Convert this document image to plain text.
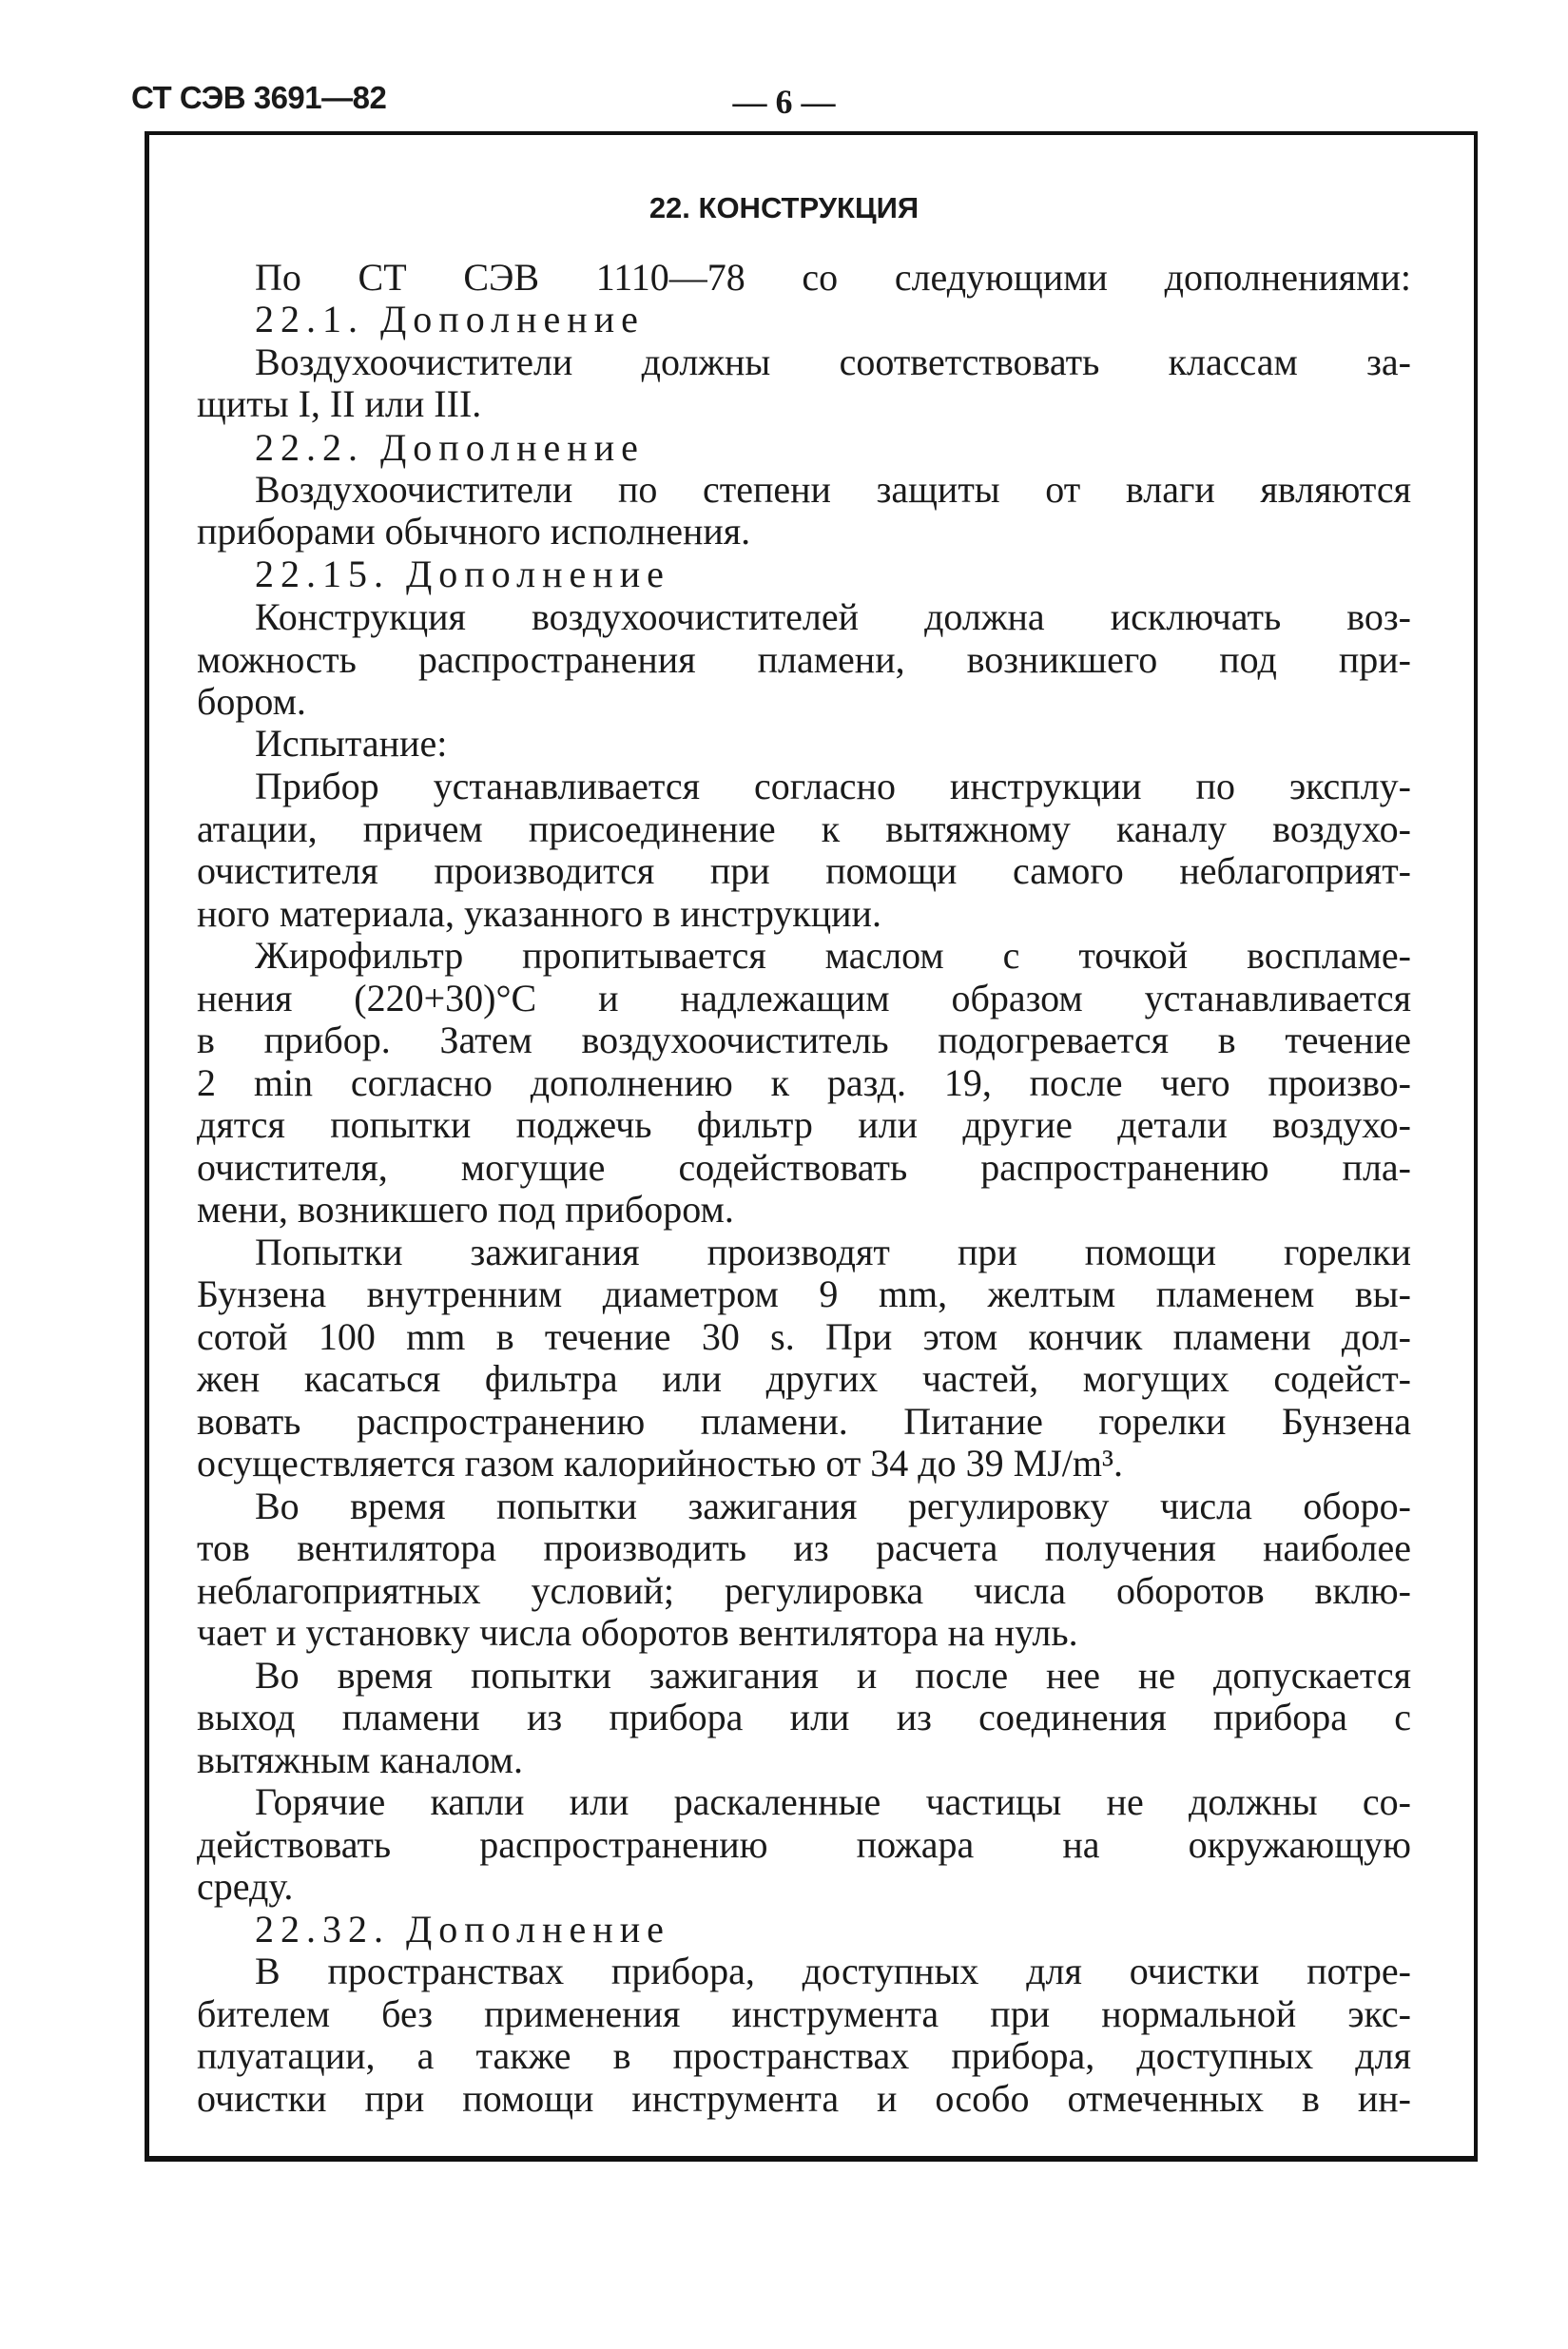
СТ СЭВ 3691—82	— 6 —
22. КОНСТРУКЦИЯ
По СТ СЭВ 1110—78 со следующими дополнениями:
22.1. Дополнение
Воздухоочистители должны соответствовать классам за-
щиты I, II или III.
22.2. Дополнение
Воздухоочистители по степени защиты от влаги являются
приборами обычного исполнения.
22.15. Дополнение
Конструкция воздухоочистителей должна исключать воз-
можность распространения пламени, возникшего под при-
бором.
Испытание:
Прибор устанавливается согласно инструкции по эксплу-
атации, причем присоединение к вытяжному каналу воздухо-
очистителя производится при помощи самого неблагоприят-
ного материала, указанного в инструкции.
Жирофильтр пропитывается маслом с точкой воспламе-
нения (220+30)°С и надлежащим образом устанавливается
в прибор. Затем воздухоочиститель подогревается в течение
2 min согласно дополнению к разд. 19, после чего произво-
дятся попытки поджечь фильтр или другие детали воздухо-
очистителя, могущие содействовать распространению пла-
мени, возникшего под прибором.
Попытки зажигания производят при помощи горелки
Бунзена внутренним диаметром 9 mm, желтым пламенем вы-
сотой 100 mm в течение 30 s. При этом кончик пламени дол-
жен касаться фильтра или других частей, могущих содейст-
вовать распространению пламени. Питание горелки Бунзена
осуществляется газом калорийностью от 34 до 39 MJ/m³.
Во время попытки зажигания регулировку числа оборо-
тов вентилятора производить из расчета получения наиболее
неблагоприятных условий; регулировка числа оборотов вклю-
чает и установку числа оборотов вентилятора на нуль.
Во время попытки зажигания и после нее не допускается
выход пламени из прибора или из соединения прибора с
вытяжным каналом.
Горячие капли или раскаленные частицы не должны со-
действовать распространению пожара на окружающую
среду.
22.32. Дополнение
В пространствах прибора, доступных для очистки потре-
бителем без применения инструмента при нормальной экс-
плуатации, а также в пространствах прибора, доступных для
очистки при помощи инструмента и особо отмеченных в ин-
